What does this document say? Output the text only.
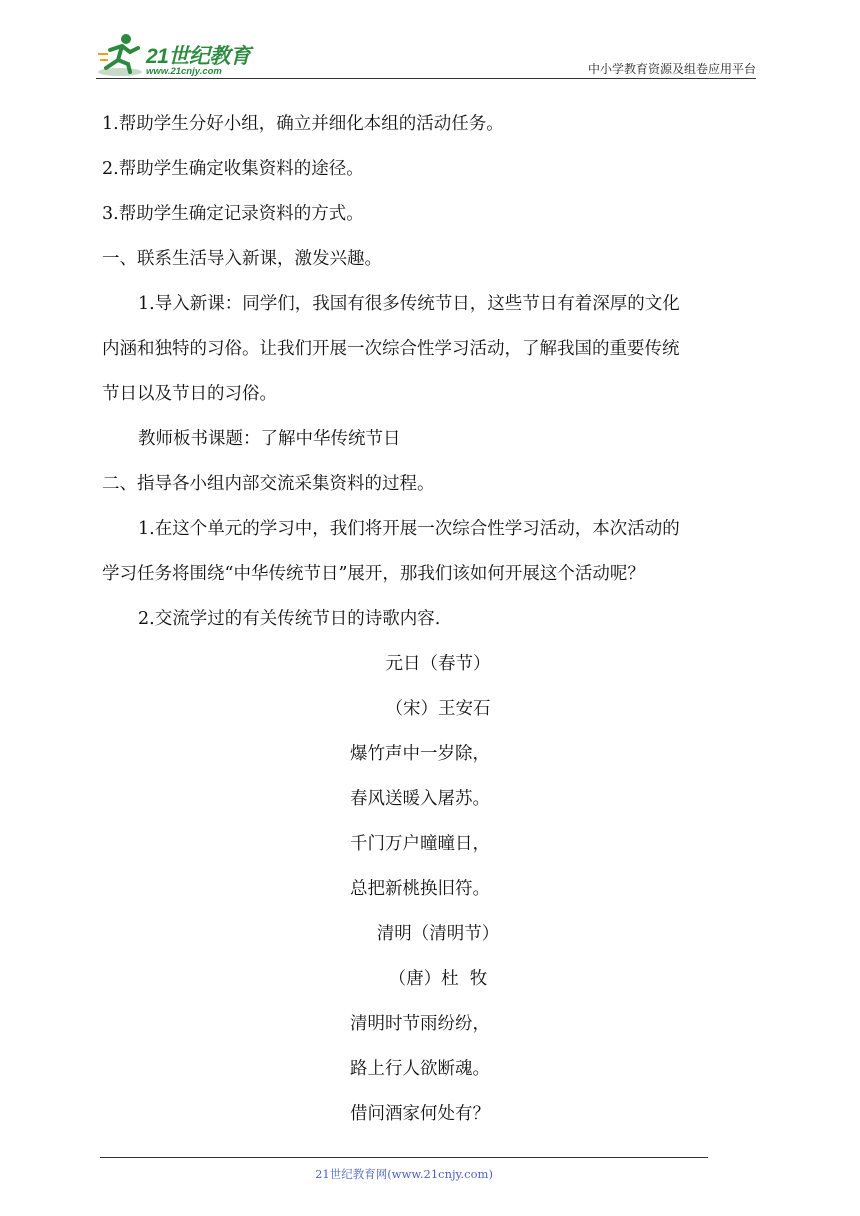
21世纪教育
www.21cnjy.com	中小学教育资源及组卷应用平台
1.帮助学生分好小组，确立并细化本组的活动任务。
2.帮助学生确定收集资料的途径。
3.帮助学生确定记录资料的方式。
一、联系生活导入新课，激发兴趣。
1.导入新课：同学们，我国有很多传统节日，这些节日有着深厚的文化
内涵和独特的习俗。让我们开展一次综合性学习活动，了解我国的重要传统
节日以及节日的习俗。
教师板书课题：了解中华传统节日
二、指导各小组内部交流采集资料的过程。
1.在这个单元的学习中，我们将开展一次综合性学习活动，本次活动的
学习任务将围绕“中华传统节日”展开，那我们该如何开展这个活动呢？
2.交流学过的有关传统节日的诗歌内容.
元日（春节）
（宋）王安石
爆竹声中一岁除，
春风送暖入屠苏。
千门万户曈曈日，
总把新桃换旧符。
清明（清明节）
（唐）杜  牧
清明时节雨纷纷，
路上行人欲断魂。
借问酒家何处有？
21世纪教育网(www.21cnjy.com)
